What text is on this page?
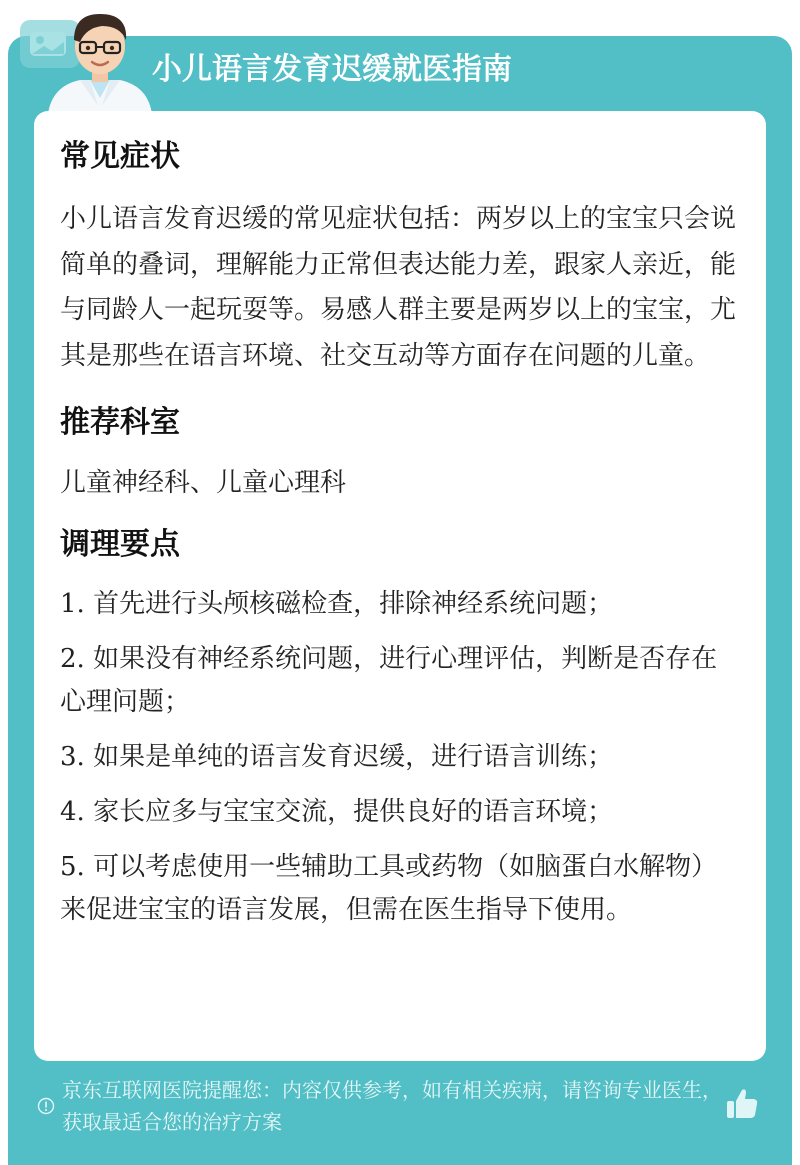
小儿语言发育迟缓就医指南
常见症状

小儿语言发育迟缓的常见症状包括：两岁以上的宝宝只会说简单的叠词，理解能力正常但表达能力差，跟家人亲近，能与同龄人一起玩耍等。易感人群主要是两岁以上的宝宝，尤其是那些在语言环境、社交互动等方面存在问题的儿童。

推荐科室

儿童神经科、儿童心理科

调理要点
1. 首先进行头颅核磁检查，排除神经系统问题；
2. 如果没有神经系统问题，进行心理评估，判断是否存在心理问题；
3. 如果是单纯的语言发育迟缓，进行语言训练；
4. 家长应多与宝宝交流，提供良好的语言环境；
5. 可以考虑使用一些辅助工具或药物（如脑蛋白水解物）来促进宝宝的语言发展，但需在医生指导下使用。

京东互联网医院提醒您：内容仅供参考，如有相关疾病，请咨询专业医生，获取最适合您的治疗方案
